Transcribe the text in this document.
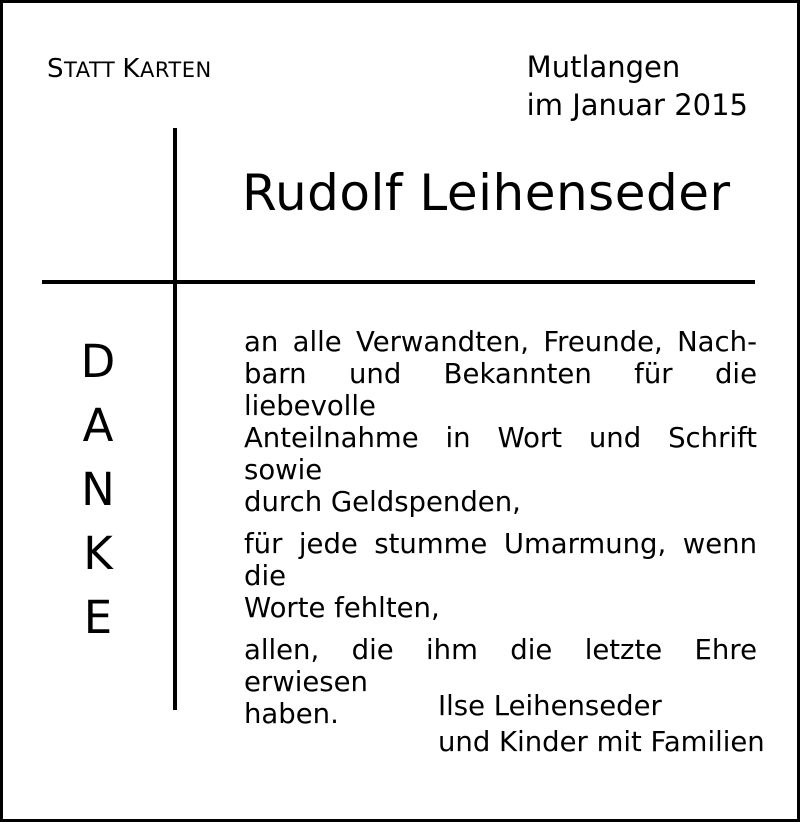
STATT KARTEN	Mutlangen
im Januar 2015
Rudolf Leihenseder
D
A
N
K
E

an alle Verwandten, Freunde, Nach-
barn und Bekannten für die liebevolle
Anteilnahme in Wort und Schrift sowie
durch Geldspenden,

für jede stumme Umarmung, wenn die
Worte fehlten,

allen, die ihm die letzte Ehre erwiesen
haben.	Ilse Leihenseder
und Kinder mit Familien
